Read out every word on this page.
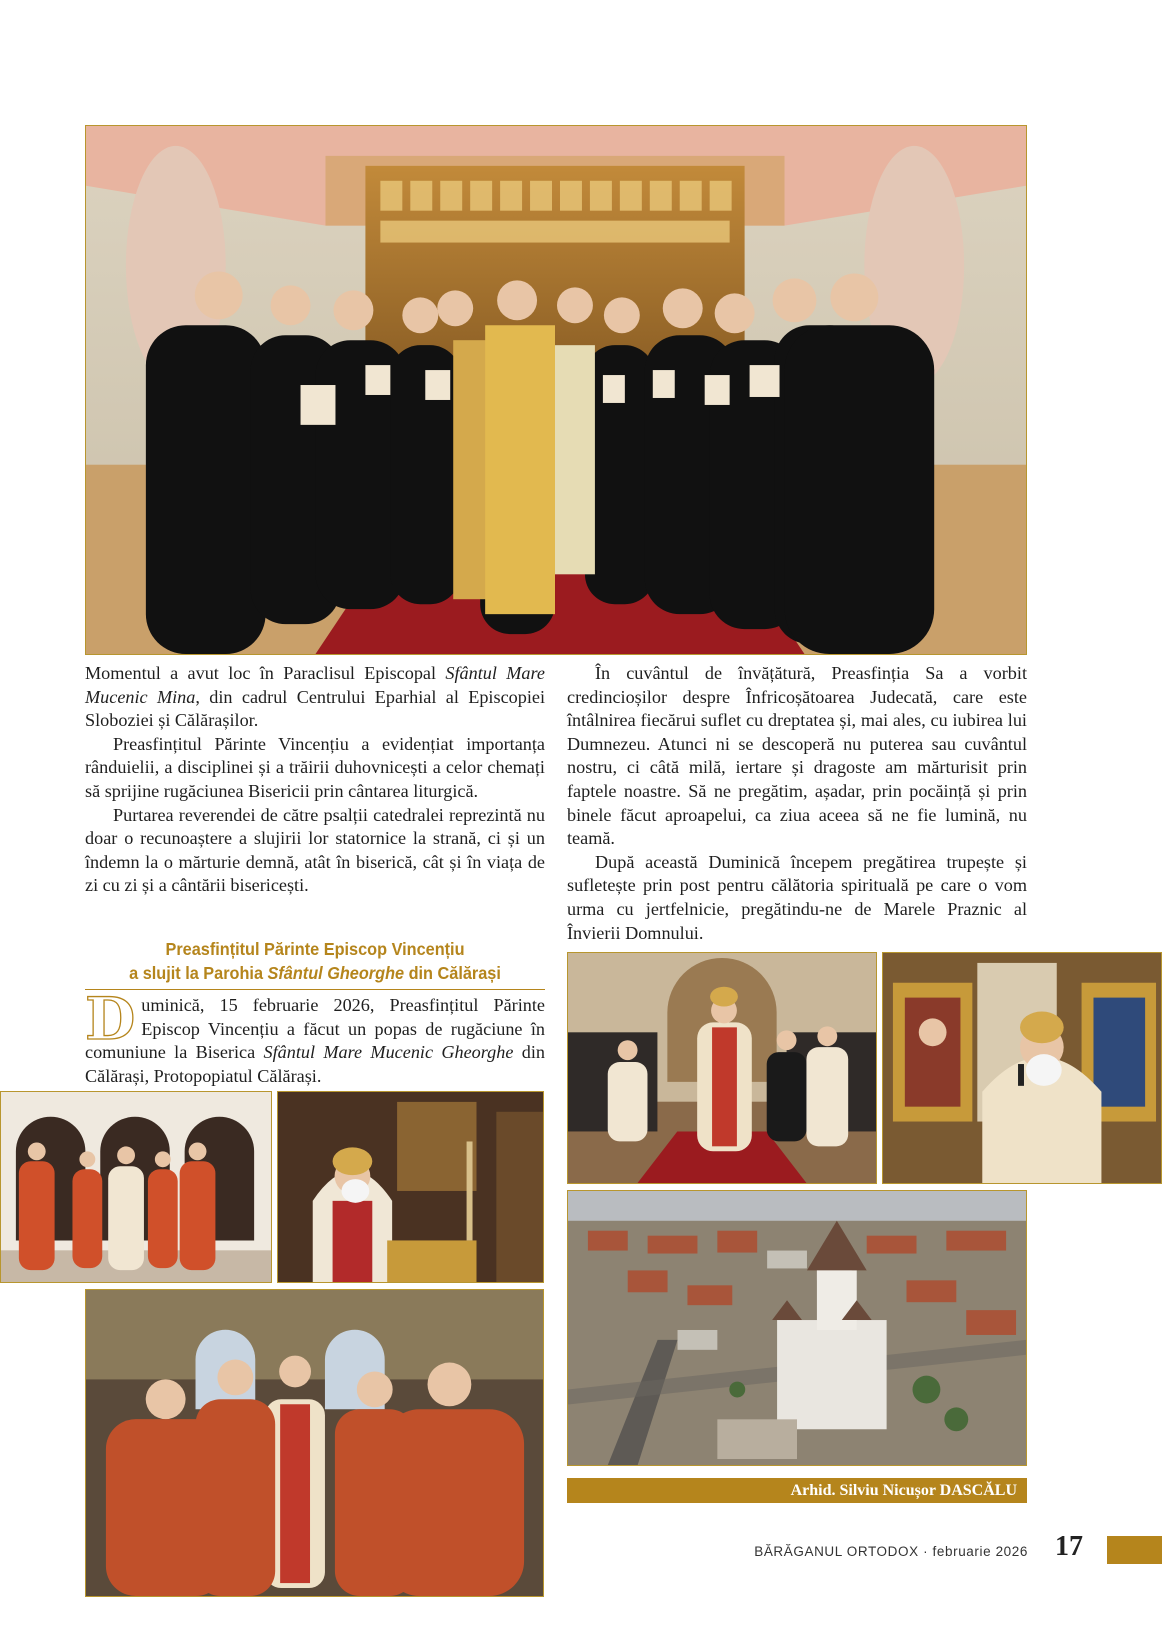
Momentul a avut loc în Paraclisul Episcopal Sfântul Mare Mucenic Mina, din cadrul Centrului Eparhial al Episcopiei Sloboziei și Călărașilor.

Preasfințitul Părinte Vincențiu a evidențiat importanța rânduielii, a disciplinei și a trăirii duhovnicești a celor chemați să sprijine rugăciunea Bisericii prin cântarea liturgică.

Purtarea reverendei de către psalții catedralei reprezintă nu doar o recunoaștere a slujirii lor statornice la strană, ci și un îndemn la o mărturie demnă, atât în biserică, cât și în viața de zi cu zi și a cântării bisericești.

În cuvântul de învățătură, Preasfinția Sa a vorbit credincioșilor despre Înfricoșătoarea Judecată, care este întâlnirea fiecărui suflet cu dreptatea și, mai ales, cu iubirea lui Dumnezeu. Atunci ni se descoperă nu puterea sau cuvântul nostru, ci câtă milă, iertare și dragoste am mărturisit prin faptele noastre. Să ne pregătim, așadar, prin pocăință și prin binele făcut aproapelui, ca ziua aceea să ne fie lumină, nu teamă.

După această Duminică începem pregătirea trupește și sufletește prin post pentru călătoria spirituală pe care o vom urma cu jertfelnicie, pregătindu-ne de Marele Praznic al Învierii Domnului.

Preasfințitul Părinte Episcop Vincențiu
a slujit la Parohia Sfântul Gheorghe din Călărași

Duminică, 15 februarie 2026, Preasfințitul Părinte Episcop Vincențiu a făcut un popas de rugăciune în comuniune la Biserica Sfântul Mare Mucenic Gheorghe din Călărași, Protopopiatul Călărași.

Arhid. Silviu Nicușor DASCĂLU
BĂRĂGANUL ORTODOX · februarie 2026 17
